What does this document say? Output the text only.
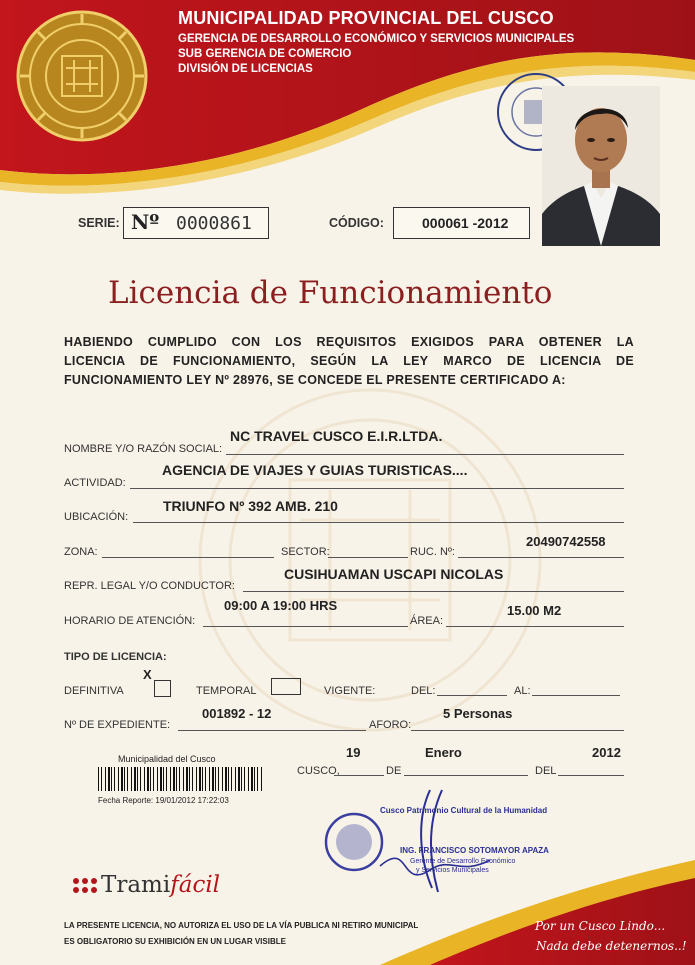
MUNICIPALIDAD PROVINCIAL DEL CUSCO
GERENCIA DE DESARROLLO ECONÓMICO Y SERVICIOS MUNICIPALES
SUB GERENCIA DE COMERCIO
DIVISIÓN DE LICENCIAS
SERIE: Nº 0000861	CÓDIGO:	000061 -2012
Licencia de Funcionamiento
HABIENDO CUMPLIDO CON LOS REQUISITOS EXIGIDOS PARA OBTENER LA
LICENCIA DE FUNCIONAMIENTO, SEGÚN LA LEY MARCO DE LICENCIA DE
FUNCIONAMIENTO LEY Nº 28976, SE CONCEDE EL PRESENTE CERTIFICADO A:
NOMBRE Y/O RAZÓN SOCIAL:
NC TRAVEL CUSCO E.I.R.LTDA.
ACTIVIDAD:
AGENCIA DE VIAJES Y GUIAS TURISTICAS....
UBICACIÓN:
TRIUNFO Nº 392 AMB. 210
ZONA:	SECTOR:	RUC. Nº:
20490742558
REPR. LEGAL Y/O CONDUCTOR:
CUSIHUAMAN USCAPI NICOLAS
HORARIO DE ATENCIÓN:
09:00 A 19:00 HRS
ÁREA:
15.00 M2
TIPO DE LICENCIA:
DEFINITIVA
X
TEMPORAL	VIGENTE:	DEL:	AL:
Nº DE EXPEDIENTE:
001892 - 12
AFORO:
5 Personas
Municipalidad del Cusco
Fecha Reporte: 19/01/2012 17:22:03
CUSCO,
19
DE
Enero
DEL
2012
Cusco Patrimonio Cultural de la Humanidad
ING. FRANCISCO SOTOMAYOR APAZA
Gerente de Desarrollo Económico
y Servicios Municipales
Tramifácil
LA PRESENTE LICENCIA, NO AUTORIZA EL USO DE LA VÍA PUBLICA NI RETIRO MUNICIPAL
ES OBLIGATORIO SU EXHIBICIÓN EN UN LUGAR VISIBLE
Por un Cusco Lindo...
Nada debe detenernos..!
